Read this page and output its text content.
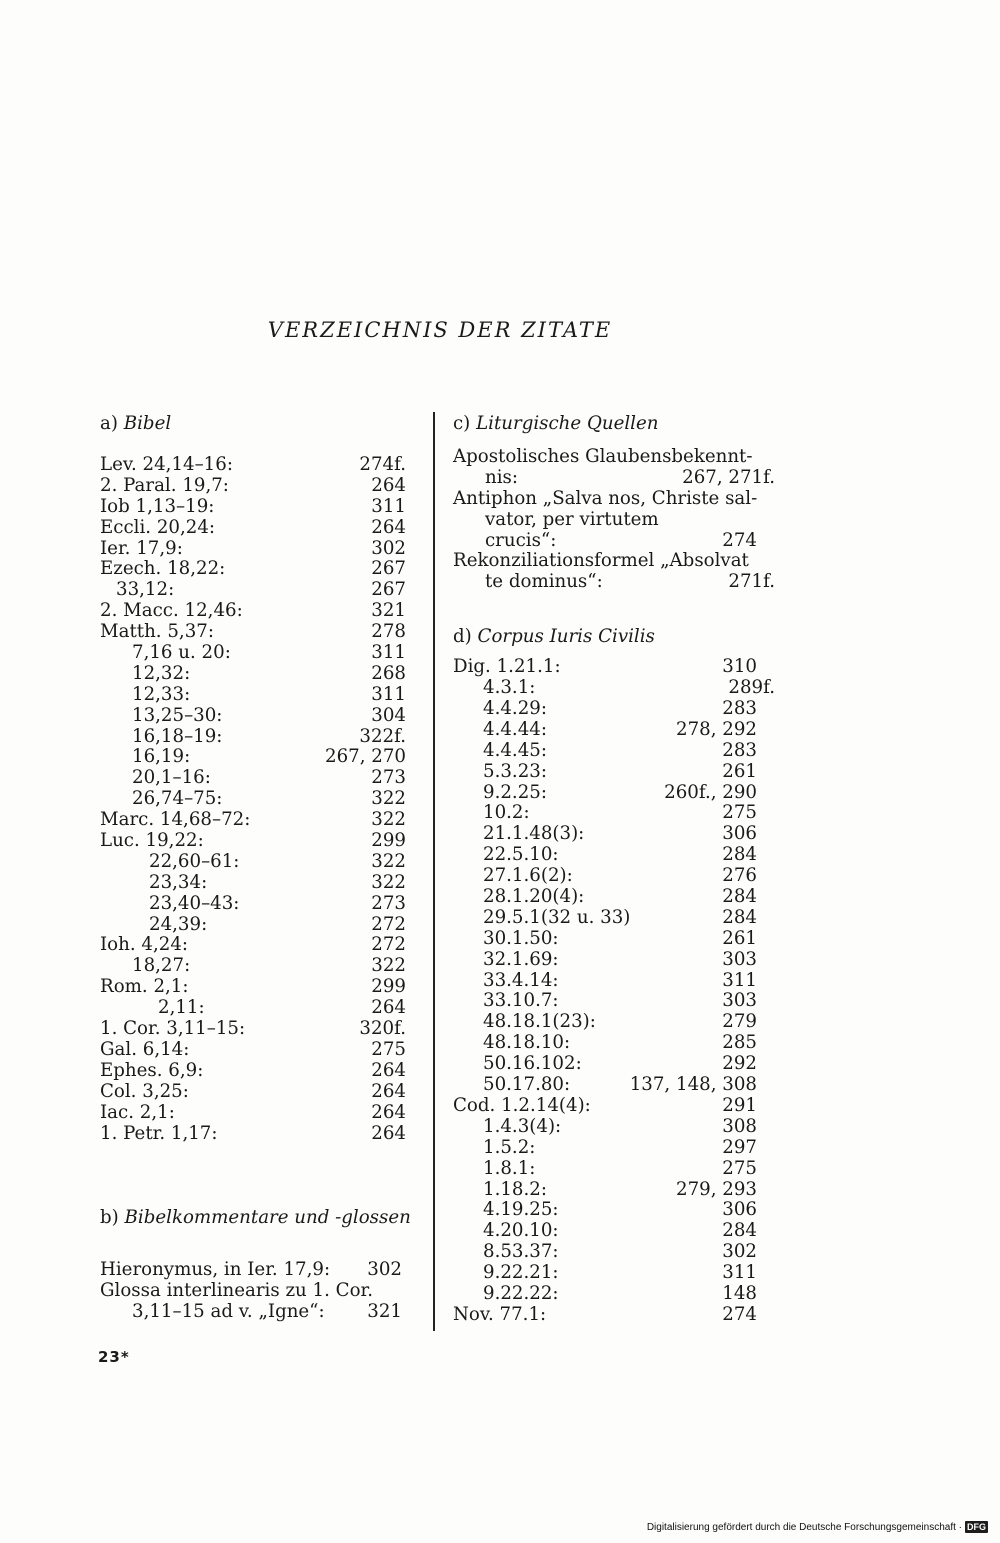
VERZEICHNIS DER ZITATE
a) Bibel
Lev. 24,14–16:	274f.
2. Paral. 19,7:	264
Iob 1,13–19:	311
Eccli. 20,24:	264
Ier. 17,9:	302
Ezech. 18,22:	267
33,12:	267
2. Macc. 12,46:	321
Matth. 5,37:	278
7,16 u. 20:	311
12,32:	268
12,33:	311
13,25–30:	304
16,18–19:	322f.
16,19:	267, 270
20,1–16:	273
26,74–75:	322
Marc. 14,68–72:	322
Luc. 19,22:	299
22,60–61:	322
23,34:	322
23,40–43:	273
24,39:	272
Ioh. 4,24:	272
18,27:	322
Rom. 2,1:	299
2,11:	264
1. Cor. 3,11–15:	320f.
Gal. 6,14:	275
Ephes. 6,9:	264
Col. 3,25:	264
Iac. 2,1:	264
1. Petr. 1,17:	264
b) Bibelkommentare und -glossen
Hieronymus, in Ier. 17,9: 302
Glossa interlinearis zu 1. Cor.
3,11–15 ad v. „Igne“: 321
c) Liturgische Quellen
Apostolisches Glaubensbekennt-
nis:	267, 271f.
Antiphon „Salva nos, Christe sal-
vator, per virtutem
crucis“:	274
Rekonziliationsformel „Absolvat
te dominus“:	271f.
d) Corpus Iuris Civilis
Dig. 1.21.1:	310
4.3.1:	289f.
4.4.29:	283
4.4.44:	278, 292
4.4.45:	283
5.3.23:	261
9.2.25:	260f., 290
10.2:	275
21.1.48(3):	306
22.5.10:	284
27.1.6(2):	276
28.1.20(4):	284
29.5.1(32 u. 33)	284
30.1.50:	261
32.1.69:	303
33.4.14:	311
33.10.7:	303
48.18.1(23):	279
48.18.10:	285
50.16.102:	292
50.17.80:	137, 148, 308
Cod. 1.2.14(4):	291
1.4.3(4):	308
1.5.2:	297
1.8.1:	275
1.18.2:	279, 293
4.19.25:	306
4.20.10:	284
8.53.37:	302
9.22.21:	311
9.22.22:	148
Nov. 77.1:	274
23*
Digitalisierung gefördert durch die Deutsche Forschungsgemeinschaft · DFG
